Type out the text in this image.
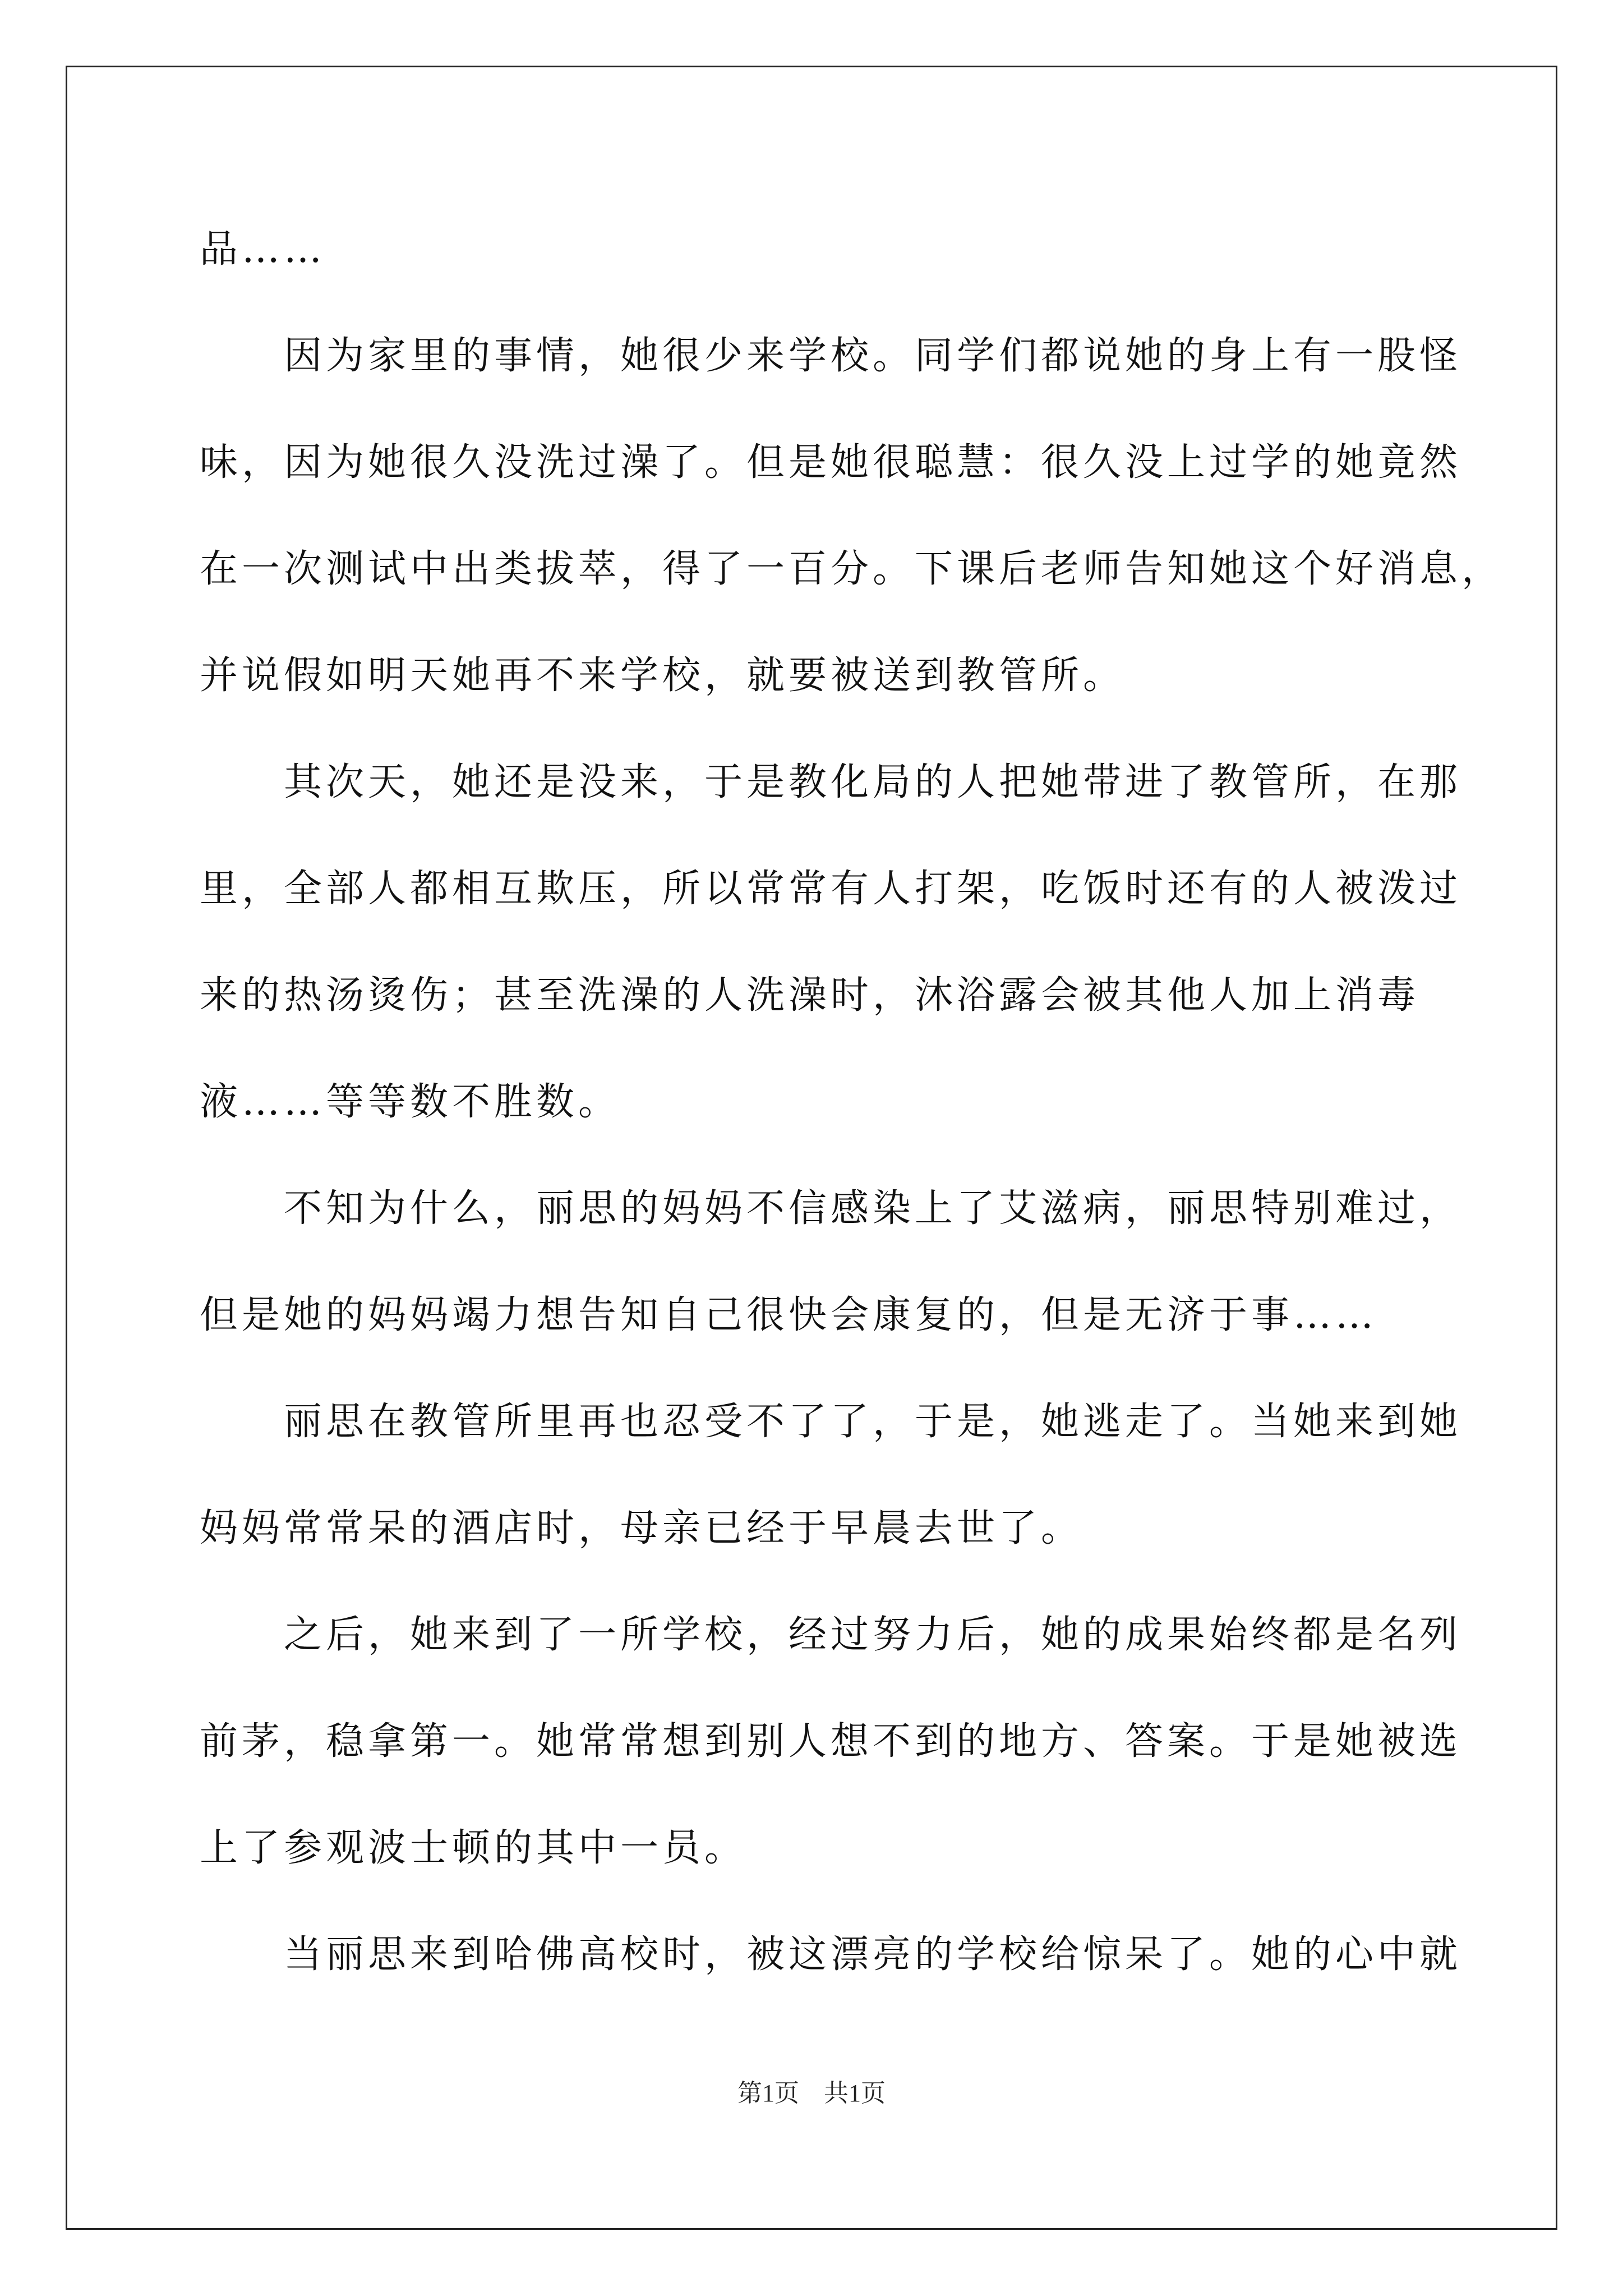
品……
因为家里的事情，她很少来学校。同学们都说她的身上有一股怪
味，因为她很久没洗过澡了。但是她很聪慧：很久没上过学的她竟然
在一次测试中出类拔萃，得了一百分。下课后老师告知她这个好消息，
并说假如明天她再不来学校，就要被送到教管所。
其次天，她还是没来，于是教化局的人把她带进了教管所，在那
里，全部人都相互欺压，所以常常有人打架，吃饭时还有的人被泼过
来的热汤烫伤；甚至洗澡的人洗澡时，沐浴露会被其他人加上消毒
液……等等数不胜数。
不知为什么，丽思的妈妈不信感染上了艾滋病，丽思特别难过，
但是她的妈妈竭力想告知自己很快会康复的，但是无济于事……
丽思在教管所里再也忍受不了了，于是，她逃走了。当她来到她
妈妈常常呆的酒店时，母亲已经于早晨去世了。
之后，她来到了一所学校，经过努力后，她的成果始终都是名列
前茅，稳拿第一。她常常想到别人想不到的地方、答案。于是她被选
上了参观波士顿的其中一员。
当丽思来到哈佛高校时，被这漂亮的学校给惊呆了。她的心中就
第1页　共1页
